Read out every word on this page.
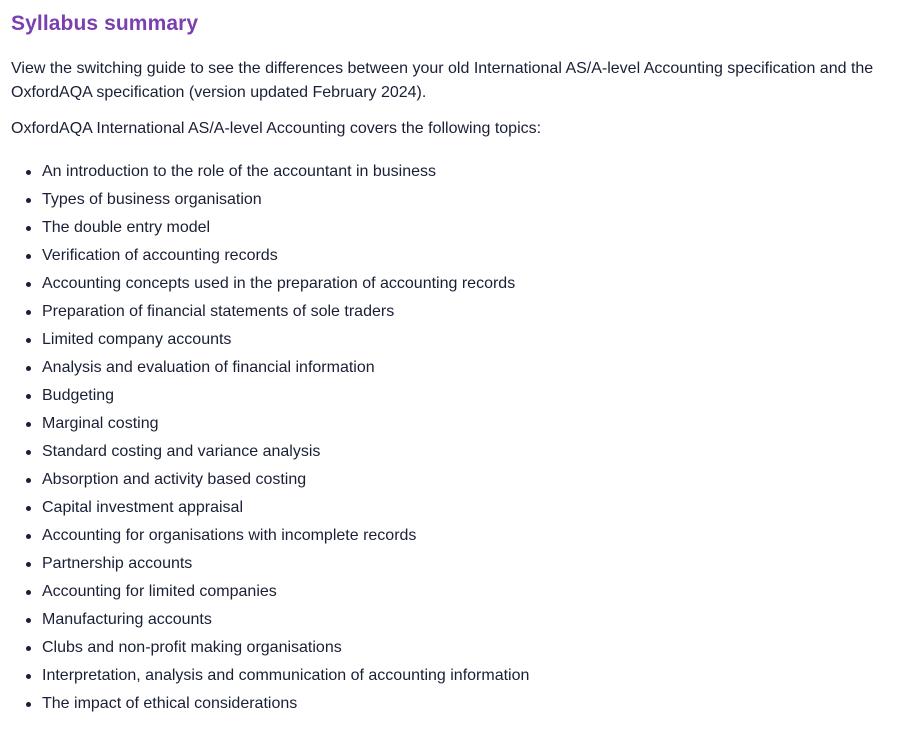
Syllabus summary

View the switching guide to see the differences between your old International AS/A-level Accounting specification and the OxfordAQA specification (version updated February 2024).

OxfordAQA International AS/A-level Accounting covers the following topics:

An introduction to the role of the accountant in business
Types of business organisation
The double entry model
Verification of accounting records
Accounting concepts used in the preparation of accounting records
Preparation of financial statements of sole traders
Limited company accounts
Analysis and evaluation of financial information
Budgeting
Marginal costing
Standard costing and variance analysis
Absorption and activity based costing
Capital investment appraisal
Accounting for organisations with incomplete records
Partnership accounts
Accounting for limited companies
Manufacturing accounts
Clubs and non-profit making organisations
Interpretation, analysis and communication of accounting information
The impact of ethical considerations
